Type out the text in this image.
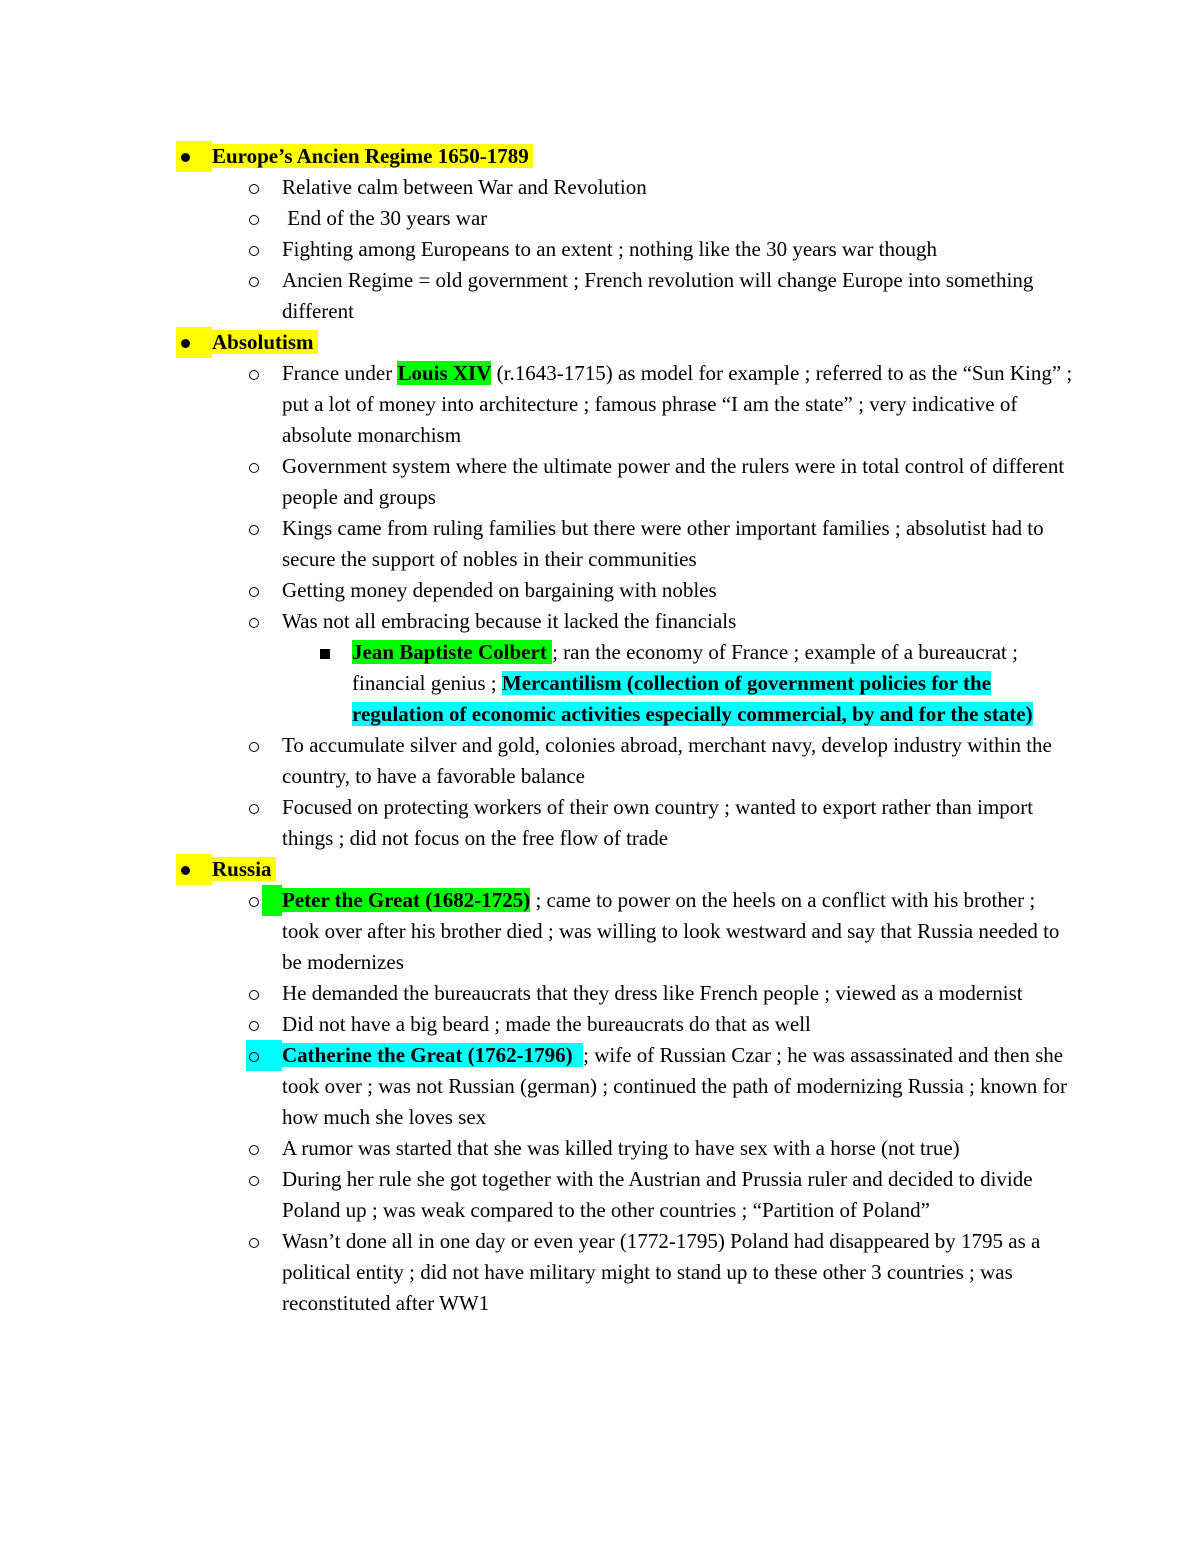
Europe’s Ancien Regime 1650-1789
Relative calm between War and Revolution
End of the 30 years war
Fighting among Europeans to an extent ; nothing like the 30 years war though
Ancien Regime = old government ; French revolution will change Europe into something different
Absolutism
France under Louis XIV (r.1643-1715) as model for example ; referred to as the “Sun King” ; put a lot of money into architecture ; famous phrase “I am the state” ; very indicative of absolute monarchism
Government system where the ultimate power and the rulers were in total control of different people and groups
Kings came from ruling families but there were other important families ; absolutist had to secure the support of nobles in their communities
Getting money depended on bargaining with nobles
Was not all embracing because it lacked the financials
Jean Baptiste Colbert ; ran the economy of France ; example of a bureaucrat ; financial genius ; Mercantilism (collection of government policies for the regulation of economic activities especially commercial, by and for the state)
To accumulate silver and gold, colonies abroad, merchant navy, develop industry within the country, to have a favorable balance
Focused on protecting workers of their own country ; wanted to export rather than import things ; did not focus on the free flow of trade
Russia
Peter the Great (1682-1725) ; came to power on the heels on a conflict with his brother ; took over after his brother died ; was willing to look westward and say that Russia needed to be modernizes
He demanded the bureaucrats that they dress like French people ; viewed as a modernist
Did not have a big beard ; made the bureaucrats do that as well
Catherine the Great (1762-1796)  ; wife of Russian Czar ; he was assassinated and then she took over ; was not Russian (german) ; continued the path of modernizing Russia ; known for how much she loves sex
A rumor was started that she was killed trying to have sex with a horse (not true)
During her rule she got together with the Austrian and Prussia ruler and decided to divide Poland up ; was weak compared to the other countries ; “Partition of Poland”
Wasn’t done all in one day or even year (1772-1795) Poland had disappeared by 1795 as a political entity ; did not have military might to stand up to these other 3 countries ; was reconstituted after WW1
